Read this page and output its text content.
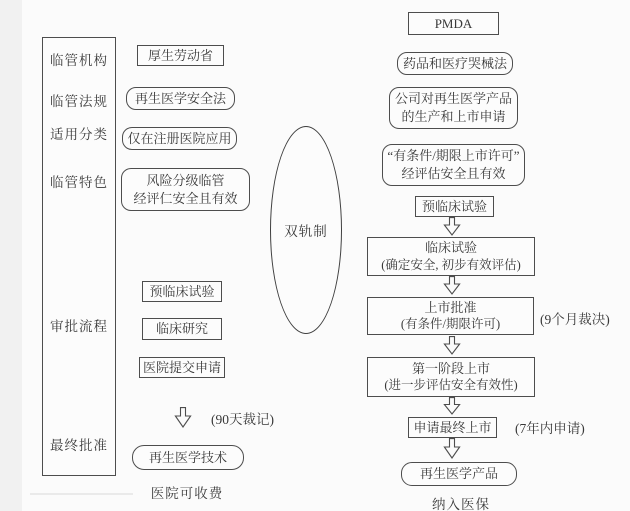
临管机构
临管法规
适用分类
临管特色
审批流程
最终批准
厚生劳动省
再生医学安全法
仅在注册医院应用
风险分级临管
经评仁安全且有效
预临床试验
临床研究
医院提交申请
(90天裁记)
再生医学技术
医院可收费
双轨制
PMDA
药品和医疗哭械法
公司对再生医学产品
的生产和上市申请
“有条件/期限上市许可”
经评估安全且有效
预临床试验
临床试验
(确定安全, 初步有效评估)
上市批准
(有条件/期限许可)	(9个月裁决)
第一阶段上市
(进一步评估安全有效性)
申请最终上市	(7年内申请)
再生医学产品
纳入医保
